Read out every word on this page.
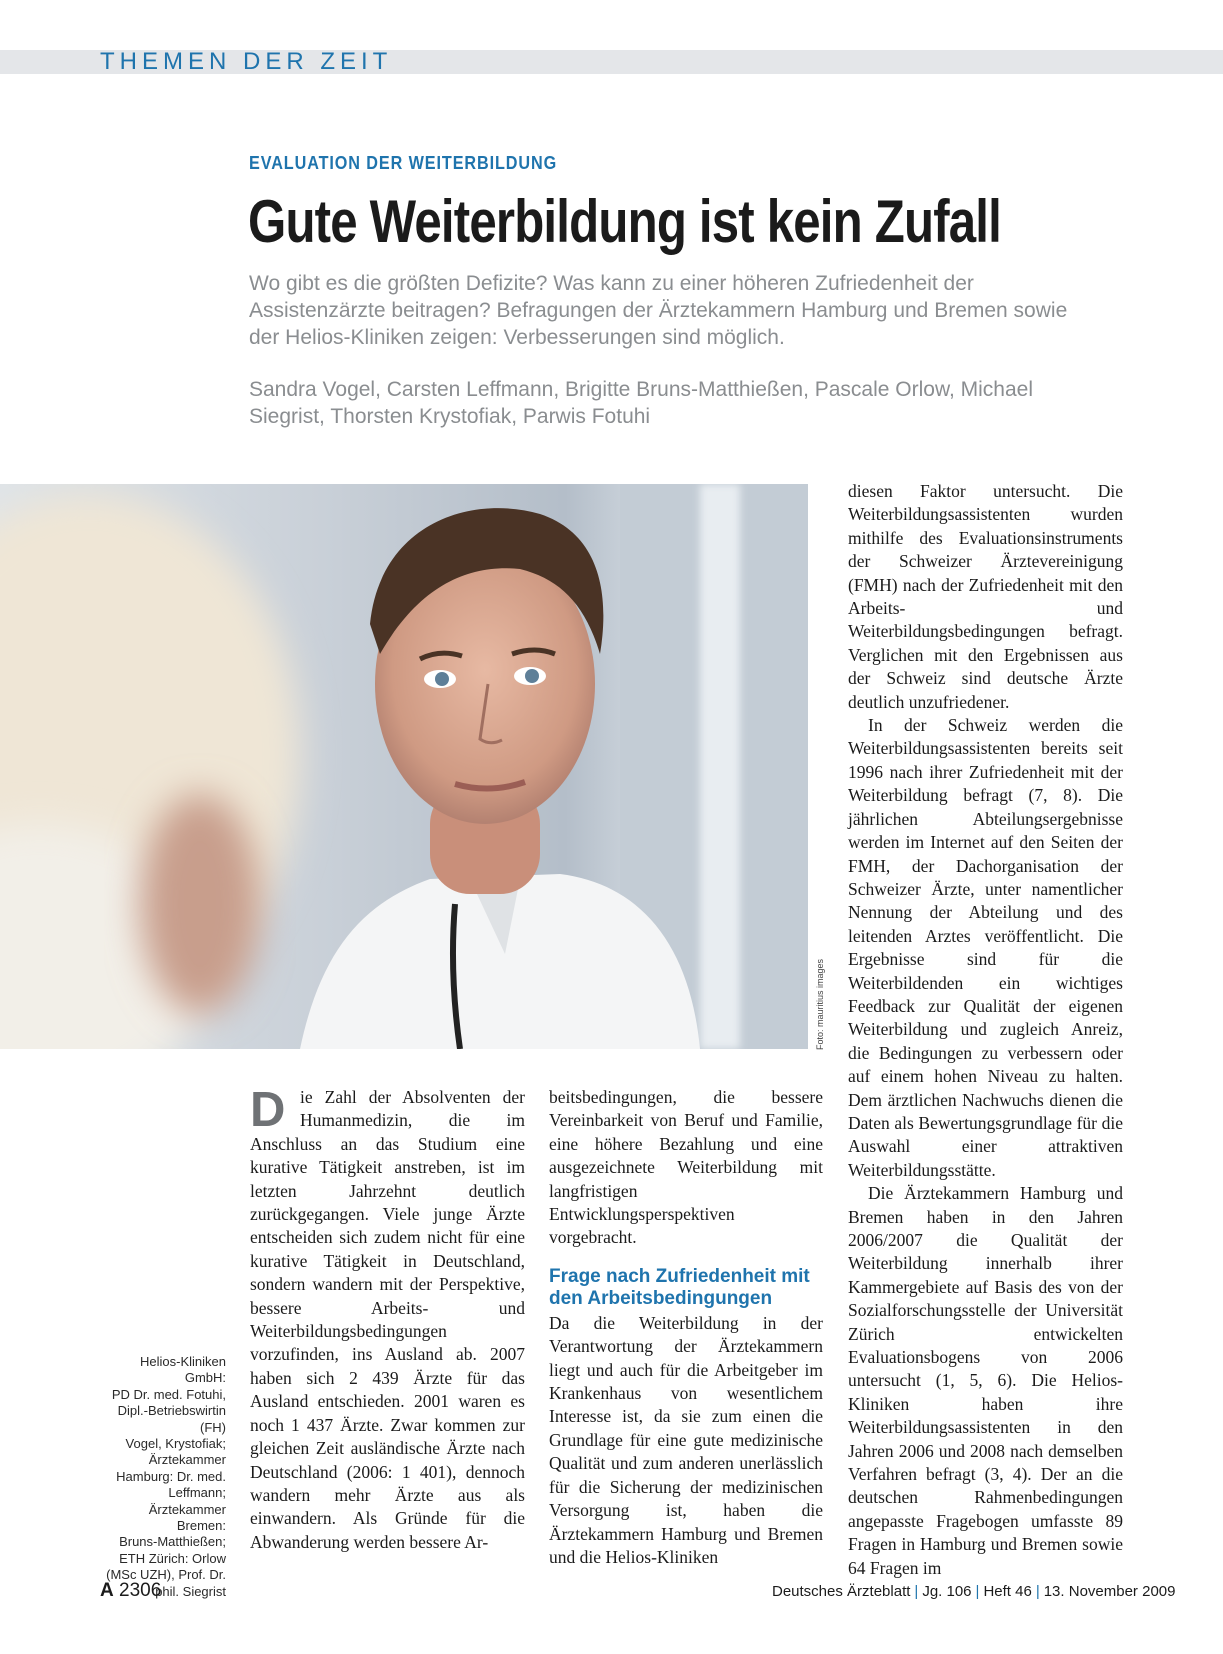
THEMEN DER ZEIT
EVALUATION DER WEITERBILDUNG
Gute Weiterbildung ist kein Zufall

Wo gibt es die größten Defizite? Was kann zu einer höheren Zufriedenheit der Assistenzärzte beitragen? Befragungen der Ärztekammern Hamburg und Bremen sowie der Helios-Kliniken zeigen: Verbesserungen sind möglich.

Sandra Vogel, Carsten Leffmann, Brigitte Bruns-Matthießen, Pascale Orlow, Michael Siegrist, Thorsten Krystofiak, Parwis Fotuhi

Foto: mauritius images
Helios-Kliniken GmbH:
PD Dr. med. Fotuhi,
Dipl.-Betriebswirtin (FH)
Vogel, Krystofiak;
Ärztekammer
Hamburg: Dr. med.
Leffmann;
Ärztekammer Bremen:
Bruns-Matthießen;
ETH Zürich: Orlow
(MSc UZH), Prof. Dr.
phil. Siegrist
D ie Zahl der Absolventen der Humanmedizin, die im Anschluss an das Studium eine kurative Tätigkeit anstreben, ist im letzten Jahrzehnt deutlich zurückgegangen. Viele junge Ärzte entscheiden sich zudem nicht für eine kurative Tätigkeit in Deutschland, sondern wandern mit der Perspektive, bessere Arbeits- und Weiterbildungsbedingungen vorzufinden, ins Ausland ab. 2007 haben sich 2 439 Ärzte für das Ausland entschieden. 2001 waren es noch 1 437 Ärzte. Zwar kommen zur gleichen Zeit ausländische Ärzte nach Deutschland (2006: 1 401), dennoch wandern mehr Ärzte aus als einwandern. Als Gründe für die Abwanderung werden bessere Ar-

beitsbedingungen, die bessere Vereinbarkeit von Beruf und Familie, eine höhere Bezahlung und eine ausgezeichnete Weiterbildung mit langfristigen Entwicklungsperspektiven vorgebracht.

Frage nach Zufriedenheit mit den Arbeitsbedingungen

Da die Weiterbildung in der Verantwortung der Ärztekammern liegt und auch für die Arbeitgeber im Krankenhaus von wesentlichem Interesse ist, da sie zum einen die Grundlage für eine gute medizinische Qualität und zum anderen unerlässlich für die Sicherung der medizinischen Versorgung ist, haben die Ärztekammern Hamburg und Bremen und die Helios-Kliniken

diesen Faktor untersucht. Die Weiterbildungsassistenten wurden mithilfe des Evaluationsinstruments der Schweizer Ärztevereinigung (FMH) nach der Zufriedenheit mit den Arbeits- und Weiterbildungsbedingungen befragt. Verglichen mit den Ergebnissen aus der Schweiz sind deutsche Ärzte deutlich unzufriedener.

In der Schweiz werden die Weiterbildungsassistenten bereits seit 1996 nach ihrer Zufriedenheit mit der Weiterbildung befragt (7, 8). Die jährlichen Abteilungsergebnisse werden im Internet auf den Seiten der FMH, der Dachorganisation der Schweizer Ärzte, unter namentlicher Nennung der Abteilung und des leitenden Arztes veröffentlicht. Die Ergebnisse sind für die Weiterbildenden ein wichtiges Feedback zur Qualität der eigenen Weiterbildung und zugleich Anreiz, die Bedingungen zu verbessern oder auf einem hohen Niveau zu halten. Dem ärztlichen Nachwuchs dienen die Daten als Bewertungsgrundlage für die Auswahl einer attraktiven Weiterbildungsstätte.

Die Ärztekammern Hamburg und Bremen haben in den Jahren 2006/2007 die Qualität der Weiterbildung innerhalb ihrer Kammergebiete auf Basis des von der Sozialforschungsstelle der Universität Zürich entwickelten Evaluationsbogens von 2006 untersucht (1, 5, 6). Die Helios-Kliniken haben ihre Weiterbildungsassistenten in den Jahren 2006 und 2008 nach demselben Verfahren befragt (3, 4). Der an die deutschen Rahmenbedingungen angepasste Fragebogen umfasste 89 Fragen in Hamburg und Bremen sowie 64 Fragen im

A 2306	Deutsches Ärzteblatt | Jg. 106 | Heft 46 | 13. November 2009
